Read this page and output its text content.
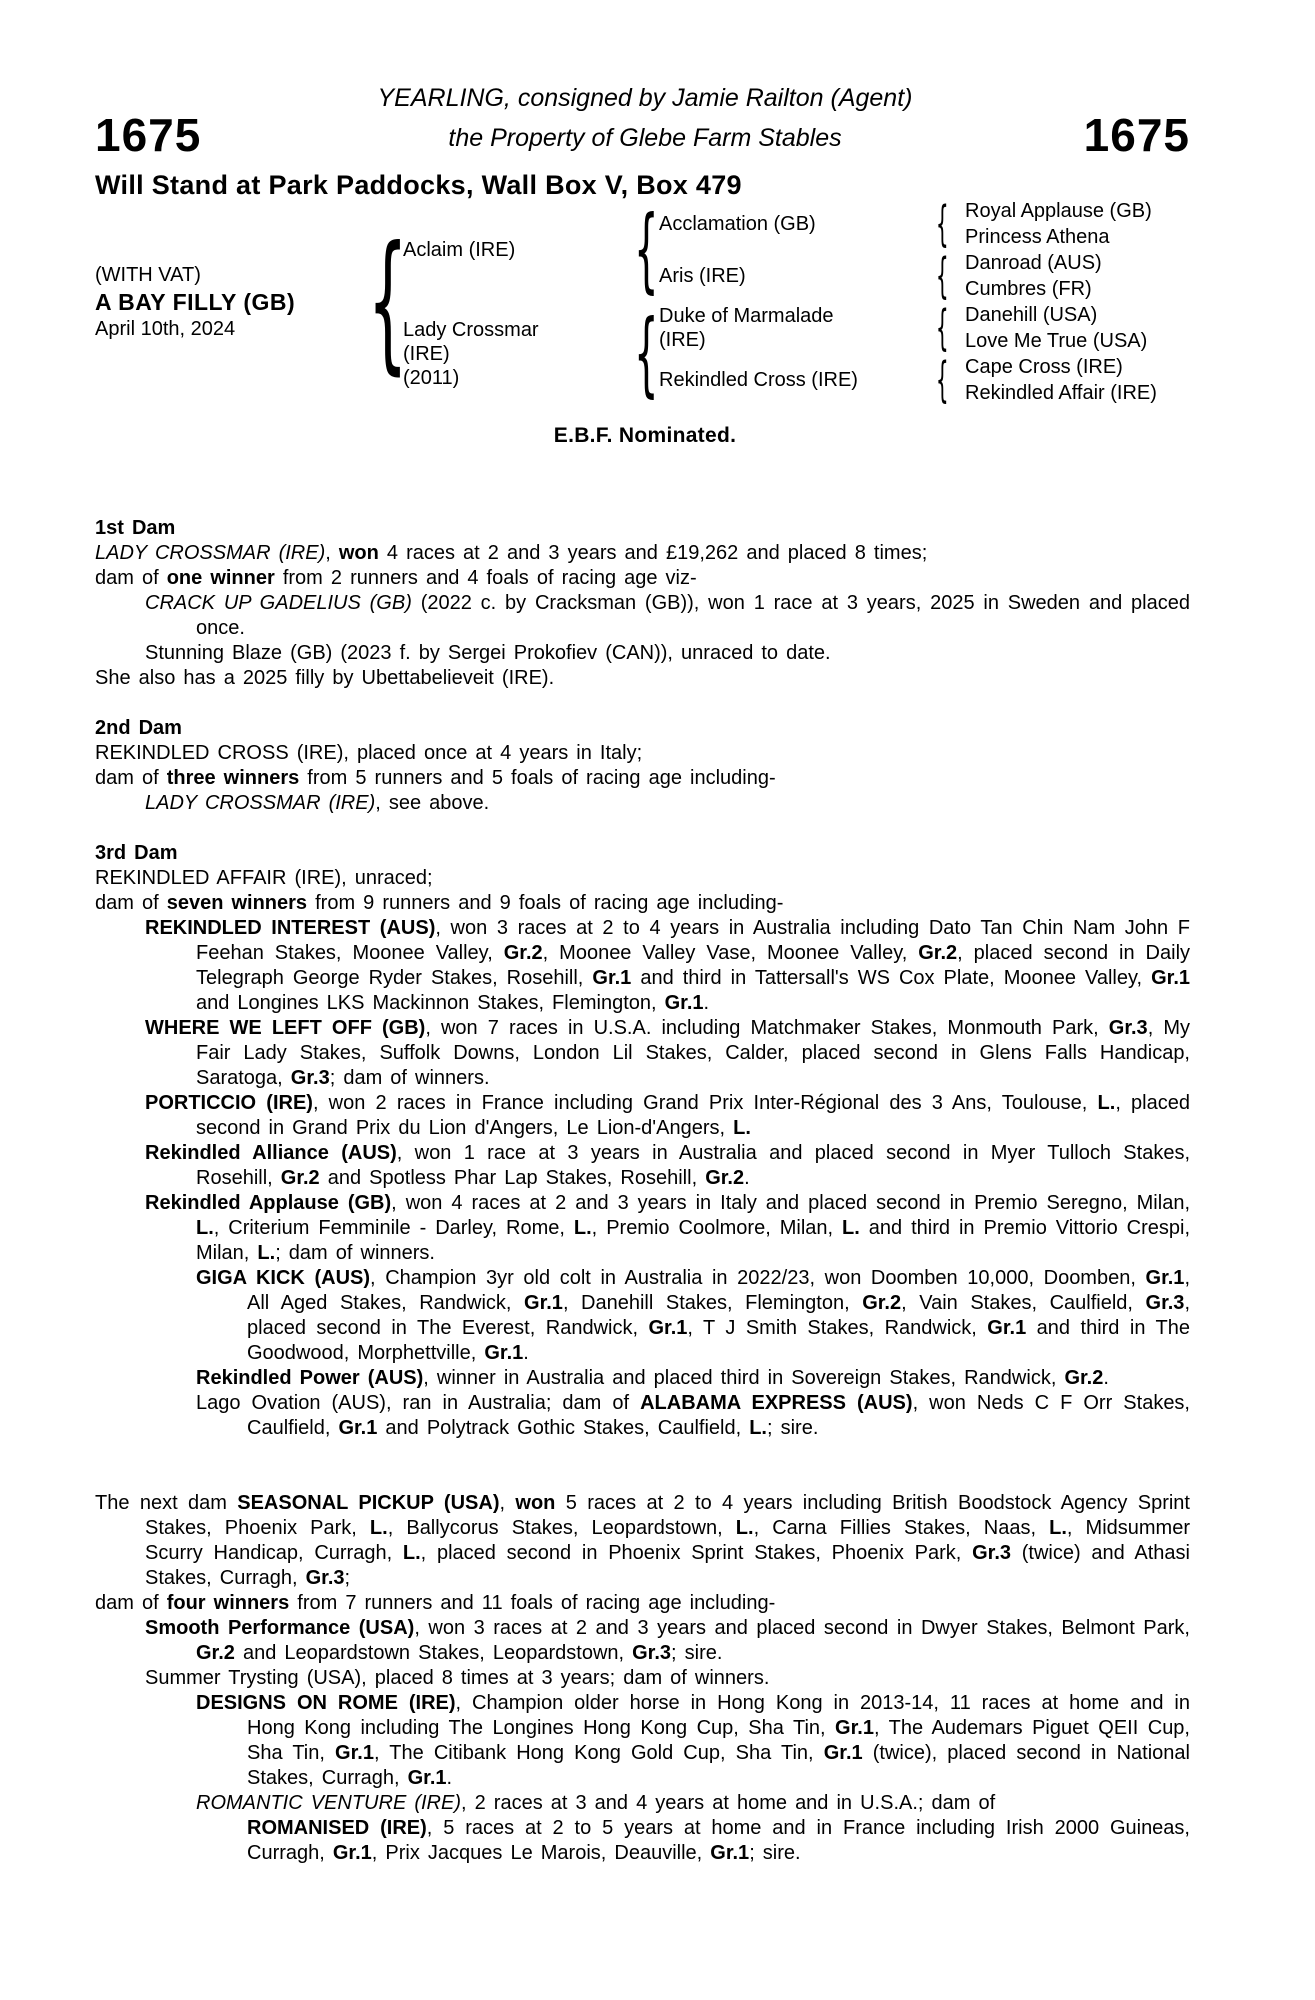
YEARLING, consigned by Jamie Railton (Agent)
1675	the Property of Glebe Farm Stables	1675
Will Stand at Park Paddocks, Wall Box V, Box 479
(WITH VAT)
A BAY FILLY (GB)
April 10th, 2024 {
Aclaim (IRE)
Lady Crossmar
(IRE)
(2011)
{
{
Acclamation (GB)
Aris (IRE)
Duke of Marmalade
(IRE)
Rekindled Cross (IRE)
{
{
{
{
Royal Applause (GB)
Princess Athena
Danroad (AUS)
Cumbres (FR)
Danehill (USA)
Love Me True (USA)
Cape Cross (IRE)
Rekindled Affair (IRE)
E.B.F. Nominated.
1st Dam
LADY CROSSMAR (IRE), won 4 races at 2 and 3 years and £19,262 and placed 8 times;
dam of one winner from 2 runners and 4 foals of racing age viz-
CRACK UP GADELIUS (GB) (2022 c. by Cracksman (GB)), won 1 race at 3 years, 2025 in Sweden and placed once.
Stunning Blaze (GB) (2023 f. by Sergei Prokofiev (CAN)), unraced to date.
She also has a 2025 filly by Ubettabelieveit (IRE).
2nd Dam
REKINDLED CROSS (IRE), placed once at 4 years in Italy;
dam of three winners from 5 runners and 5 foals of racing age including-
LADY CROSSMAR (IRE), see above.
3rd Dam
REKINDLED AFFAIR (IRE), unraced;
dam of seven winners from 9 runners and 9 foals of racing age including-
REKINDLED INTEREST (AUS), won 3 races at 2 to 4 years in Australia including Dato Tan Chin Nam John F Feehan Stakes, Moonee Valley, Gr.2, Moonee Valley Vase, Moonee Valley, Gr.2, placed second in Daily Telegraph George Ryder Stakes, Rosehill, Gr.1 and third in Tattersall's WS Cox Plate, Moonee Valley, Gr.1 and Longines LKS Mackinnon Stakes, Flemington, Gr.1.
WHERE WE LEFT OFF (GB), won 7 races in U.S.A. including Matchmaker Stakes, Monmouth Park, Gr.3, My Fair Lady Stakes, Suffolk Downs, London Lil Stakes, Calder, placed second in Glens Falls Handicap, Saratoga, Gr.3; dam of winners.
PORTICCIO (IRE), won 2 races in France including Grand Prix Inter-Régional des 3 Ans, Toulouse, L., placed second in Grand Prix du Lion d'Angers, Le Lion-d'Angers, L.
Rekindled Alliance (AUS), won 1 race at 3 years in Australia and placed second in Myer Tulloch Stakes, Rosehill, Gr.2 and Spotless Phar Lap Stakes, Rosehill, Gr.2.
Rekindled Applause (GB), won 4 races at 2 and 3 years in Italy and placed second in Premio Seregno, Milan, L., Criterium Femminile - Darley, Rome, L., Premio Coolmore, Milan, L. and third in Premio Vittorio Crespi, Milan, L.; dam of winners.
GIGA KICK (AUS), Champion 3yr old colt in Australia in 2022/23, won Doomben 10,000, Doomben, Gr.1, All Aged Stakes, Randwick, Gr.1, Danehill Stakes, Flemington, Gr.2, Vain Stakes, Caulfield, Gr.3, placed second in The Everest, Randwick, Gr.1, T J Smith Stakes, Randwick, Gr.1 and third in The Goodwood, Morphettville, Gr.1.
Rekindled Power (AUS), winner in Australia and placed third in Sovereign Stakes, Randwick, Gr.2.
Lago Ovation (AUS), ran in Australia; dam of ALABAMA EXPRESS (AUS), won Neds C F Orr Stakes, Caulfield, Gr.1 and Polytrack Gothic Stakes, Caulfield, L.; sire.
The next dam SEASONAL PICKUP (USA), won 5 races at 2 to 4 years including British Boodstock Agency Sprint Stakes, Phoenix Park, L., Ballycorus Stakes, Leopardstown, L., Carna Fillies Stakes, Naas, L., Midsummer Scurry Handicap, Curragh, L., placed second in Phoenix Sprint Stakes, Phoenix Park, Gr.3 (twice) and Athasi Stakes, Curragh, Gr.3;
dam of four winners from 7 runners and 11 foals of racing age including-
Smooth Performance (USA), won 3 races at 2 and 3 years and placed second in Dwyer Stakes, Belmont Park, Gr.2 and Leopardstown Stakes, Leopardstown, Gr.3; sire.
Summer Trysting (USA), placed 8 times at 3 years; dam of winners.
DESIGNS ON ROME (IRE), Champion older horse in Hong Kong in 2013-14, 11 races at home and in Hong Kong including The Longines Hong Kong Cup, Sha Tin, Gr.1, The Audemars Piguet QEII Cup, Sha Tin, Gr.1, The Citibank Hong Kong Gold Cup, Sha Tin, Gr.1 (twice), placed second in National Stakes, Curragh, Gr.1.
ROMANTIC VENTURE (IRE), 2 races at 3 and 4 years at home and in U.S.A.; dam of
ROMANISED (IRE), 5 races at 2 to 5 years at home and in France including Irish 2000 Guineas, Curragh, Gr.1, Prix Jacques Le Marois, Deauville, Gr.1; sire.
